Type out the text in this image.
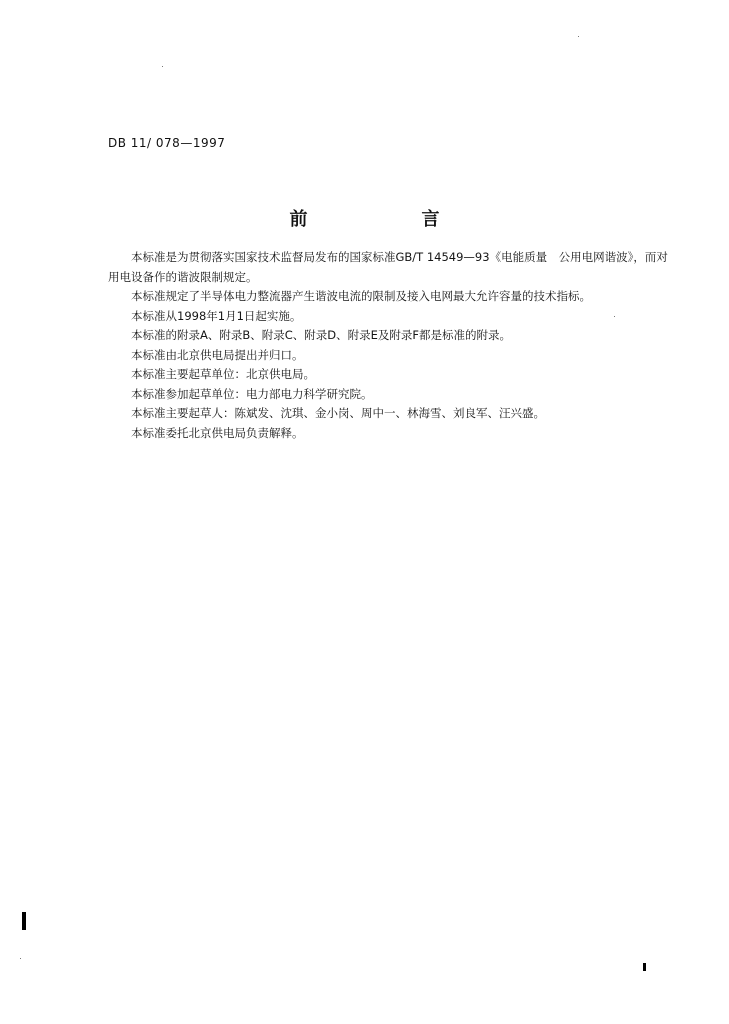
DB 11/ 078—1997
前　言

本标准是为贯彻落实国家技术监督局发布的国家标准GB/T 14549—93《电能质量　公用电网谐波》，而对用电设备作的谐波限制规定。

本标准规定了半导体电力整流器产生谐波电流的限制及接入电网最大允许容量的技术指标。

本标准从1998年1月1日起实施。

本标准的附录A、附录B、附录C、附录D、附录E及附录F都是标准的附录。

本标准由北京供电局提出并归口。

本标准主要起草单位：北京供电局。

本标准参加起草单位：电力部电力科学研究院。

本标准主要起草人：陈斌发、沈琪、金小岗、周中一、林海雪、刘良军、汪兴盛。

本标准委托北京供电局负责解释。
